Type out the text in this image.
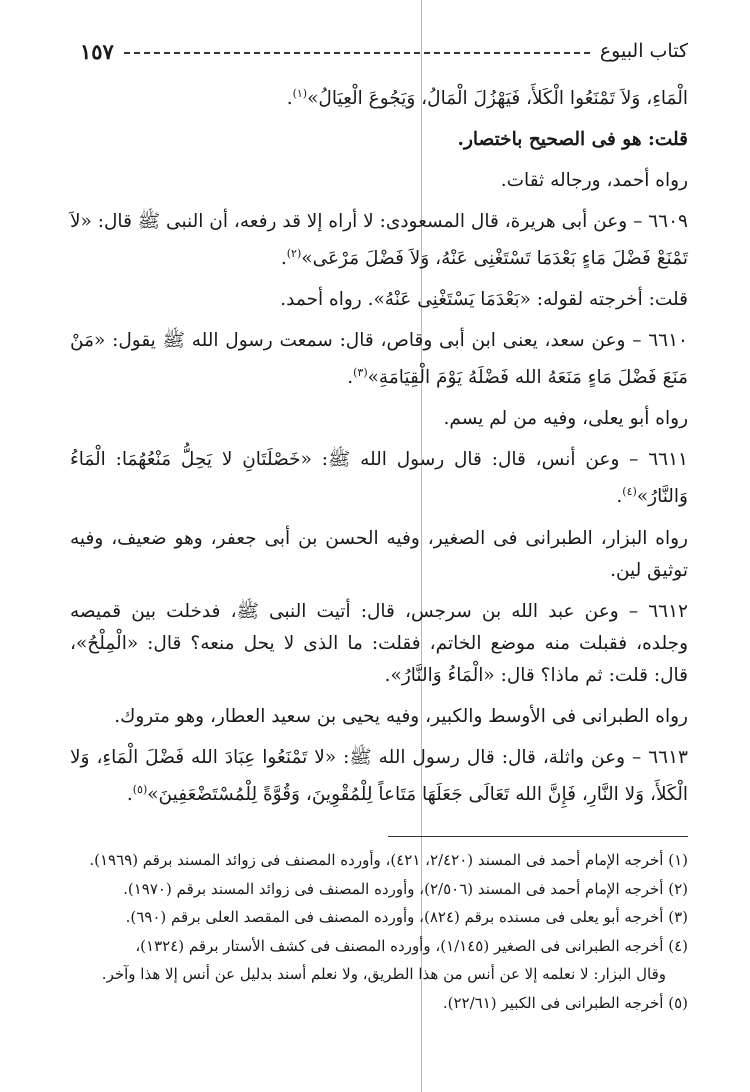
كتاب البيوع
١٥٧

الْمَاءِ، وَلاَ تَمْنَعُوا الْكَلأَ، فَيَهْزُلَ الْمَالُ، وَيَجُوعَ الْعِيَالُ»$^{(١)}$.

قلت: هو فى الصحيح باختصار.

رواه أحمد، ورجاله ثقات.

٦٦٠٩ – وعن أبى هريرة، قال المسعودى: لا أراه إلا قد رفعه، أن النبى ﷺ قال: «لاَ تَمْنَعْ فَضْلَ مَاءٍ بَعْدَمَا تَسْتَغْنِى عَنْهُ، وَلاَ فَضْلَ مَرْعَى»$^{(٢)}$.

قلت: أخرجته لقوله: «بَعْدَمَا يَسْتَغْنِى عَنْهُ». رواه أحمد.

٦٦١٠ – وعن سعد، يعنى ابن أبى وقاص، قال: سمعت رسول الله ﷺ يقول: «مَنْ مَنَعَ فَضْلَ مَاءٍ مَنَعَهُ الله فَضْلَهُ يَوْمَ الْقِيَامَةِ»$^{(٣)}$.

رواه أبو يعلى، وفيه من لم يسم.

٦٦١١ – وعن أنس، قال: قال رسول الله ﷺ: «خَصْلَتَانِ لا يَحِلُّ مَنْعُهُمَا: الْمَاءُ وَالنَّارُ»$^{(٤)}$.

رواه البزار، الطبرانى فى الصغير، وفيه الحسن بن أبى جعفر، وهو ضعيف، وفيه توثيق لين.

٦٦١٢ – وعن عبد الله بن سرجس، قال: أتيت النبى ﷺ، فدخلت بين قميصه وجلده، فقبلت منه موضع الخاتم، فقلت: ما الذى لا يحل منعه؟ قال: «الْمِلْحُ»، قال: قلت: ثم ماذا؟ قال: «الْمَاءُ وَالنَّارُ».

رواه الطبرانى فى الأوسط والكبير، وفيه يحيى بن سعيد العطار، وهو متروك.

٦٦١٣ – وعن واثلة، قال: قال رسول الله ﷺ: «لا تَمْنَعُوا عِبَادَ الله فَضْلَ الْمَاءِ، وَلا الْكَلأَ، وَلا النَّارِ، فَإِنَّ الله تَعَالَى جَعَلَهَا مَتَاعاً لِلْمُقْوِينَ، وَقُوَّةً لِلْمُسْتَضْعَفِينَ»$^{(٥)}$.

(١) أخرجه الإمام أحمد فى المسند (٢/٤٢٠، ٤٢١)، وأورده المصنف فى زوائد المسند برقم (١٩٦٩).

(٢) أخرجه الإمام أحمد فى المسند (٢/٥٠٦)، وأورده المصنف فى زوائد المسند برقم (١٩٧٠).

(٣) أخرجه أبو يعلى فى مسنده برقم (٨٢٤)، وأورده المصنف فى المقصد العلى برقم (٦٩٠).

(٤) أخرجه الطبرانى فى الصغير (١/١٤٥)، وأورده المصنف فى كشف الأستار برقم (١٣٢٤)،

وقال البزار: لا نعلمه إلا عن أنس من هذا الطريق، ولا نعلم أسند بدليل عن أنس إلا هذا وآخر.

(٥) أخرجه الطبرانى فى الكبير (٢٢/٦١).
